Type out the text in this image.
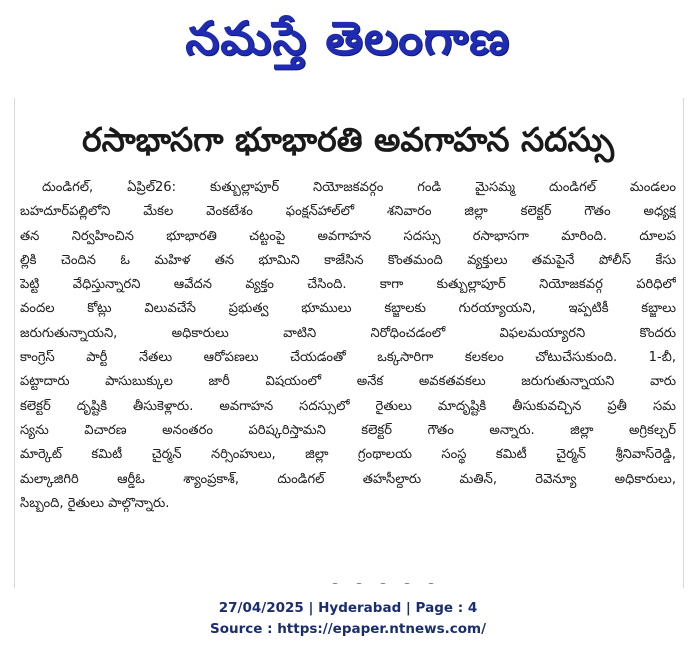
నమస్తే తెలంగాణ
రసాభాసగా భూభారతి అవగాహన సదస్సు
దుండిగల్, ఏప్రిల్26: కుత్బుల్లాపూర్ నియోజకవర్గం గండి మైసమ్మ దుండిగల్ మండలం
బహదూర్‌పల్లిలోని మేకల వెంకటేశం ఫంక్షన్‌హాల్‌లో శనివారం జిల్లా కలెక్టర్ గౌతం అధ్యక్ష
తన నిర్వహించిన భూభారతి చట్టంపై అవగాహన సదస్సు రసాభాసగా మారింది. దూలప
ల్లికి చెందిన ఓ మహిళ తన భూమిని కాజేసిన కొంతమంది వ్యక్తులు తమపైనే పోలీస్ కేసు
పెట్టి వేధిస్తున్నారని ఆవేదన వ్యక్తం చేసింది. కాగా కుత్బుల్లాపూర్ నియోజకవర్గ పరిధిలో
వందల కోట్లు విలువచేసే ప్రభుత్వ భూములు కబ్జాలకు గురయ్యాయని, ఇప్పటికీ కబ్జాలు
జరుగుతున్నాయని, అధికారులు వాటిని నిరోధించడంలో విఫలమయ్యారని కొందరు
కాంగ్రెస్ పార్టీ నేతలు ఆరోపణలు చేయడంతో ఒక్కసారిగా కలకలం చోటుచేసుకుంది. 1-బీ,
పట్టాదారు పాసుబుక్కుల జారీ విషయంలో అనేక అవకతవకలు జరుగుతున్నాయని వారు
కలెక్టర్ దృష్టికి తీసుకెళ్లారు. అవగాహన సదస్సులో రైతులు మాదృష్టికి తీసుకువచ్చిన ప్రతీ సమ
స్యను విచారణ అనంతరం పరిష్కరిస్తామని కలెక్టర్ గౌతం అన్నారు. జిల్లా అగ్రికల్చర్
మార్కెట్ కమిటీ చైర్మన్ నర్సింహులు, జిల్లా గ్రంథాలయ సంస్థ కమిటీ చైర్మన్ శ్రీనివాస్‌రెడ్డి,
మల్కాజిగిరి ఆర్డీఓ శ్యాంప్రకాశ్, దుండిగల్ తహసీల్దారు మతిన్, రెవెన్యూ అధికారులు,
సిబ్బంది, రైతులు పాల్గొన్నారు.
27/04/2025 | Hyderabad | Page : 4
Source : https://epaper.ntnews.com/
